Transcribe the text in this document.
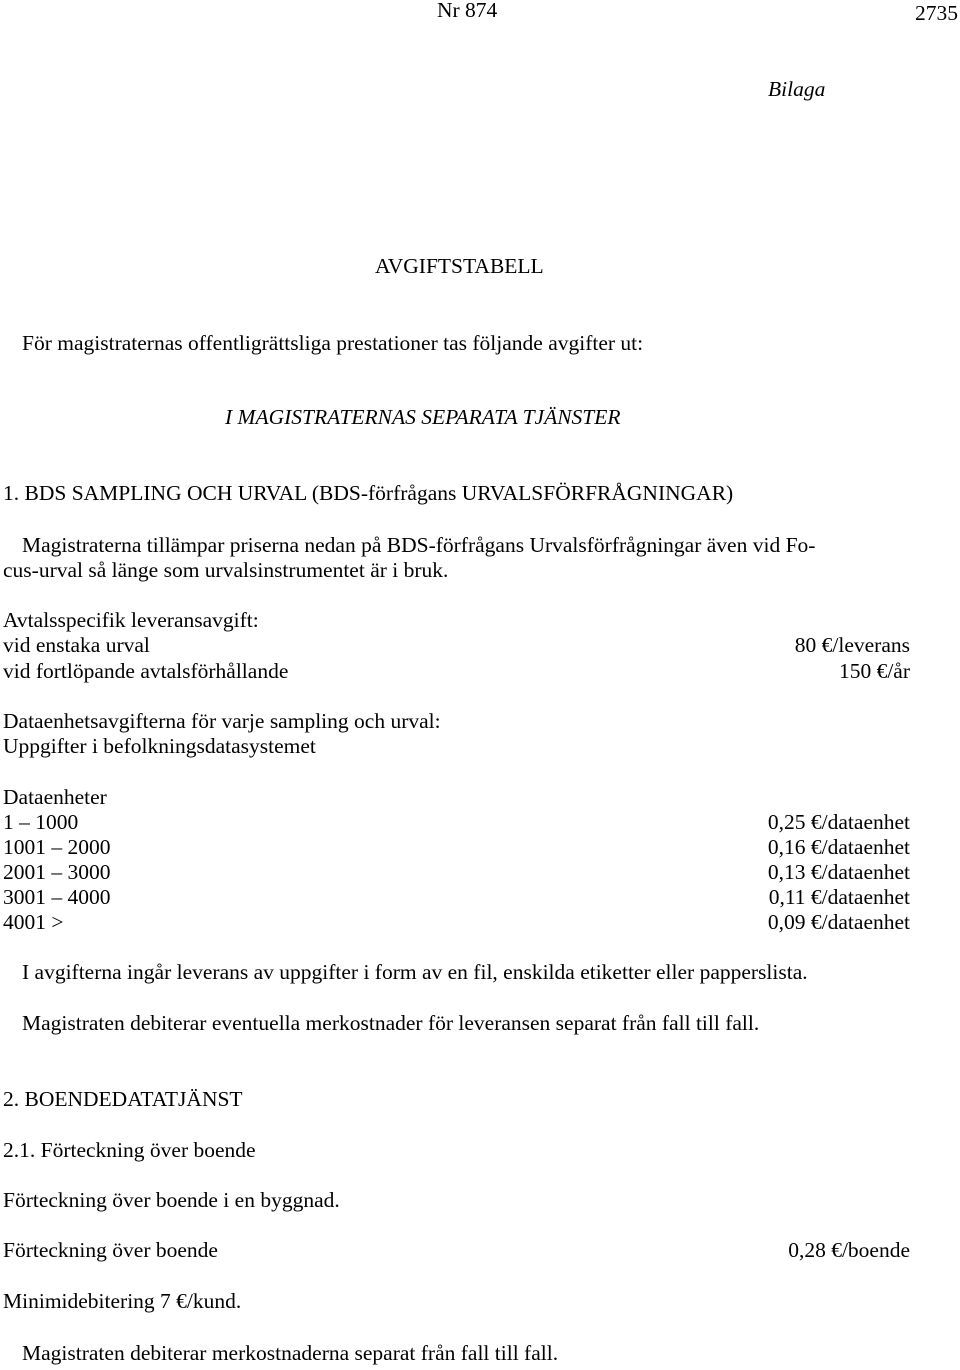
Nr 874	2735
Bilaga
AVGIFTSTABELL
För magistraternas offentligrättsliga prestationer tas följande avgifter ut:
I MAGISTRATERNAS SEPARATA TJÄNSTER
1. BDS SAMPLING OCH URVAL (BDS-förfrågans URVALSFÖRFRÅGNINGAR)
Magistraterna tillämpar priserna nedan på BDS-förfrågans Urvalsförfrågningar även vid Fo-
cus-urval så länge som urvalsinstrumentet är i bruk.
Avtalsspecifik leveransavgift:
vid enstaka urval	80 €/leverans
vid fortlöpande avtalsförhållande	150 €/år
Dataenhetsavgifterna för varje sampling och urval:
Uppgifter i befolkningsdatasystemet
Dataenheter
1 – 1000	0,25 €/dataenhet
1001 – 2000	0,16 €/dataenhet
2001 – 3000	0,13 €/dataenhet
3001 – 4000	0,11 €/dataenhet
4001 >	0,09 €/dataenhet
I avgifterna ingår leverans av uppgifter i form av en fil, enskilda etiketter eller papperslista.
Magistraten debiterar eventuella merkostnader för leveransen separat från fall till fall.
2. BOENDEDATATJÄNST
2.1. Förteckning över boende
Förteckning över boende i en byggnad.
Förteckning över boende	0,28 €/boende
Minimidebitering 7 €/kund.
Magistraten debiterar merkostnaderna separat från fall till fall.
